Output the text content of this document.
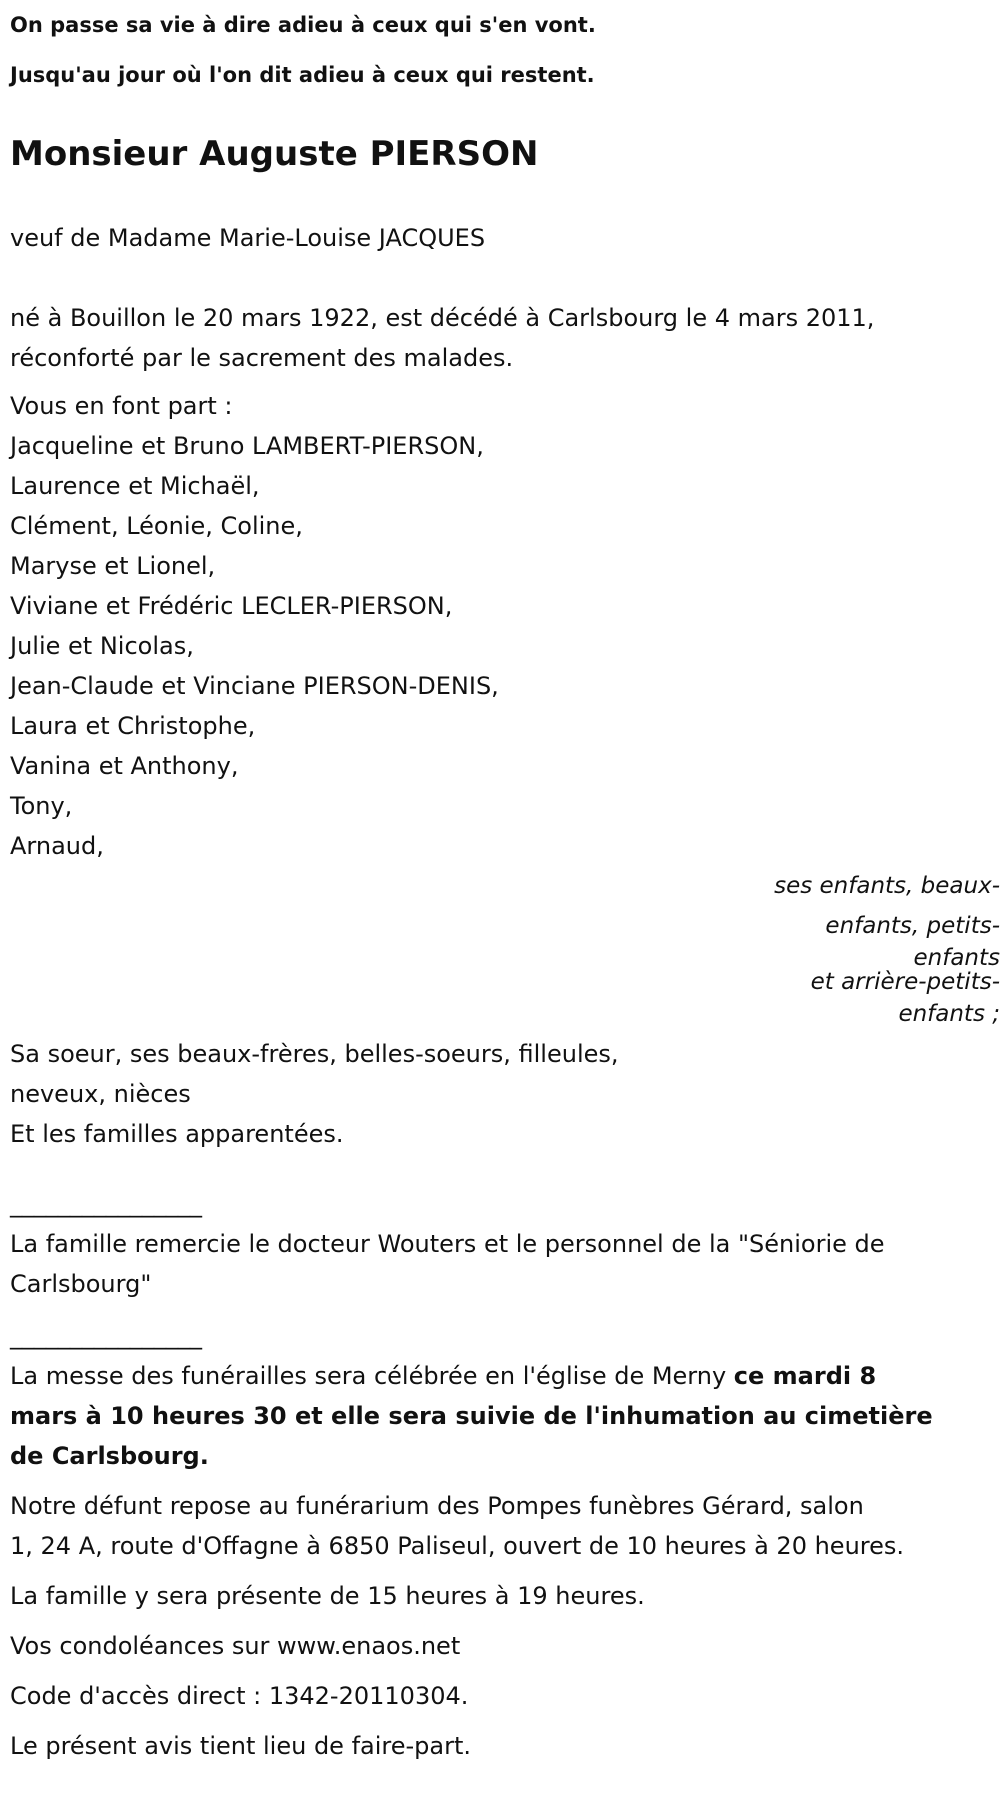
On passe sa vie à dire adieu à ceux qui s'en vont.
Jusqu'au jour où l'on dit adieu à ceux qui restent.
Monsieur Auguste PIERSON

veuf de Madame Marie-Louise JACQUES

né à Bouillon le 20 mars 1922, est décédé à Carlsbourg le 4 mars 2011,
réconforté par le sacrement des malades.

Vous en font part :
Jacqueline et Bruno LAMBERT-PIERSON,
Laurence et Michaël,
Clément, Léonie, Coline,
Maryse et Lionel,
Viviane et Frédéric LECLER-PIERSON,
Julie et Nicolas,
Jean-Claude et Vinciane PIERSON-DENIS,
Laura et Christophe,
Vanina et Anthony,
Tony,
Arnaud,
ses enfants, beaux-
enfants, petits-
enfants
et arrière-petits-
enfants ;
Sa soeur, ses beaux-frères, belles-soeurs, filleules,
neveux, nièces
Et les familles apparentées.
________________
La famille remercie le docteur Wouters et le personnel de la "Séniorie de
Carlsbourg"
________________
La messe des funérailles sera célébrée en l'église de Merny ce mardi 8
mars à 10 heures 30 et elle sera suivie de l'inhumation au cimetière
de Carlsbourg.
Notre défunt repose au funérarium des Pompes funèbres Gérard, salon
1, 24 A, route d'Offagne à 6850 Paliseul, ouvert de 10 heures à 20 heures.

La famille y sera présente de 15 heures à 19 heures.

Vos condoléances sur www.enaos.net

Code d'accès direct : 1342-20110304.

Le présent avis tient lieu de faire-part.
